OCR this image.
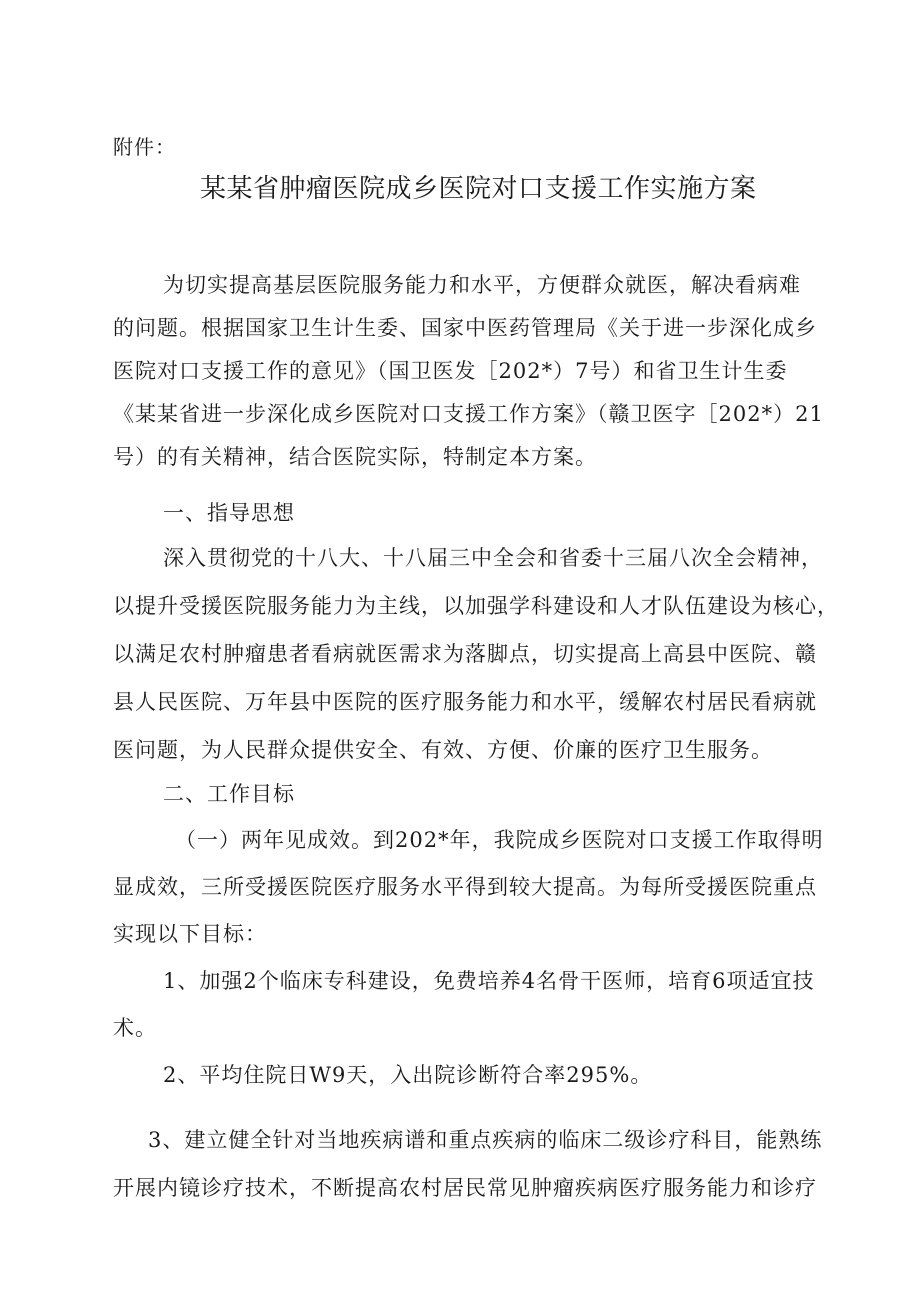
附件：
某某省肿瘤医院成乡医院对口支援工作实施方案
为切实提高基层医院服务能力和水平，方便群众就医，解决看病难
的问题。根据国家卫生计生委、国家中医药管理局《关于进一步深化成乡
医院对口支援工作的意见》（国卫医发［202*）7号）和省卫生计生委
《某某省进一步深化成乡医院对口支援工作方案》（赣卫医字［202*）21
号）的有关精神，结合医院实际，特制定本方案。
一、指导思想
深入贯彻党的十八大、十八届三中全会和省委十三届八次全会精神，
以提升受援医院服务能力为主线，以加强学科建设和人才队伍建设为核心，
以满足农村肿瘤患者看病就医需求为落脚点，切实提高上高县中医院、赣
县人民医院、万年县中医院的医疗服务能力和水平，缓解农村居民看病就
医问题，为人民群众提供安全、有效、方便、价廉的医疗卫生服务。
二、工作目标
（一）两年见成效。到202*年，我院成乡医院对口支援工作取得明
显成效，三所受援医院医疗服务水平得到较大提高。为每所受援医院重点
实现以下目标：
1、加强2个临床专科建设，免费培养4名骨干医师，培育6项适宜技
术。
2、平均住院日W9天，入出院诊断符合率295%。
3、建立健全针对当地疾病谱和重点疾病的临床二级诊疗科目，能熟练
开展内镜诊疗技术，不断提高农村居民常见肿瘤疾病医疗服务能力和诊疗
